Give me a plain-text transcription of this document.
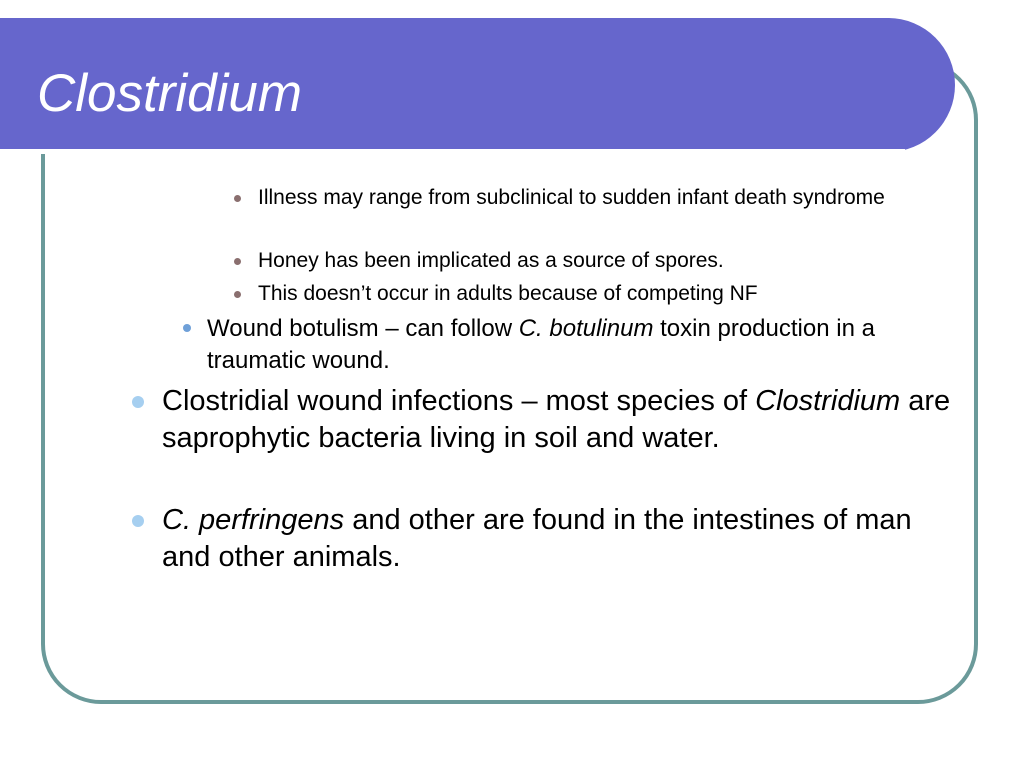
Clostridium

Illness may range from subclinical to sudden infant death syndrome

Honey has been implicated as a source of spores.

This doesn’t occur in adults because of competing NF

Wound botulism – can follow C. botulinum toxin production in a traumatic wound.

Clostridial wound infections – most species of Clostridium are saprophytic bacteria living in soil and water.

C. perfringens and other are found in the intestines of man and other animals.
